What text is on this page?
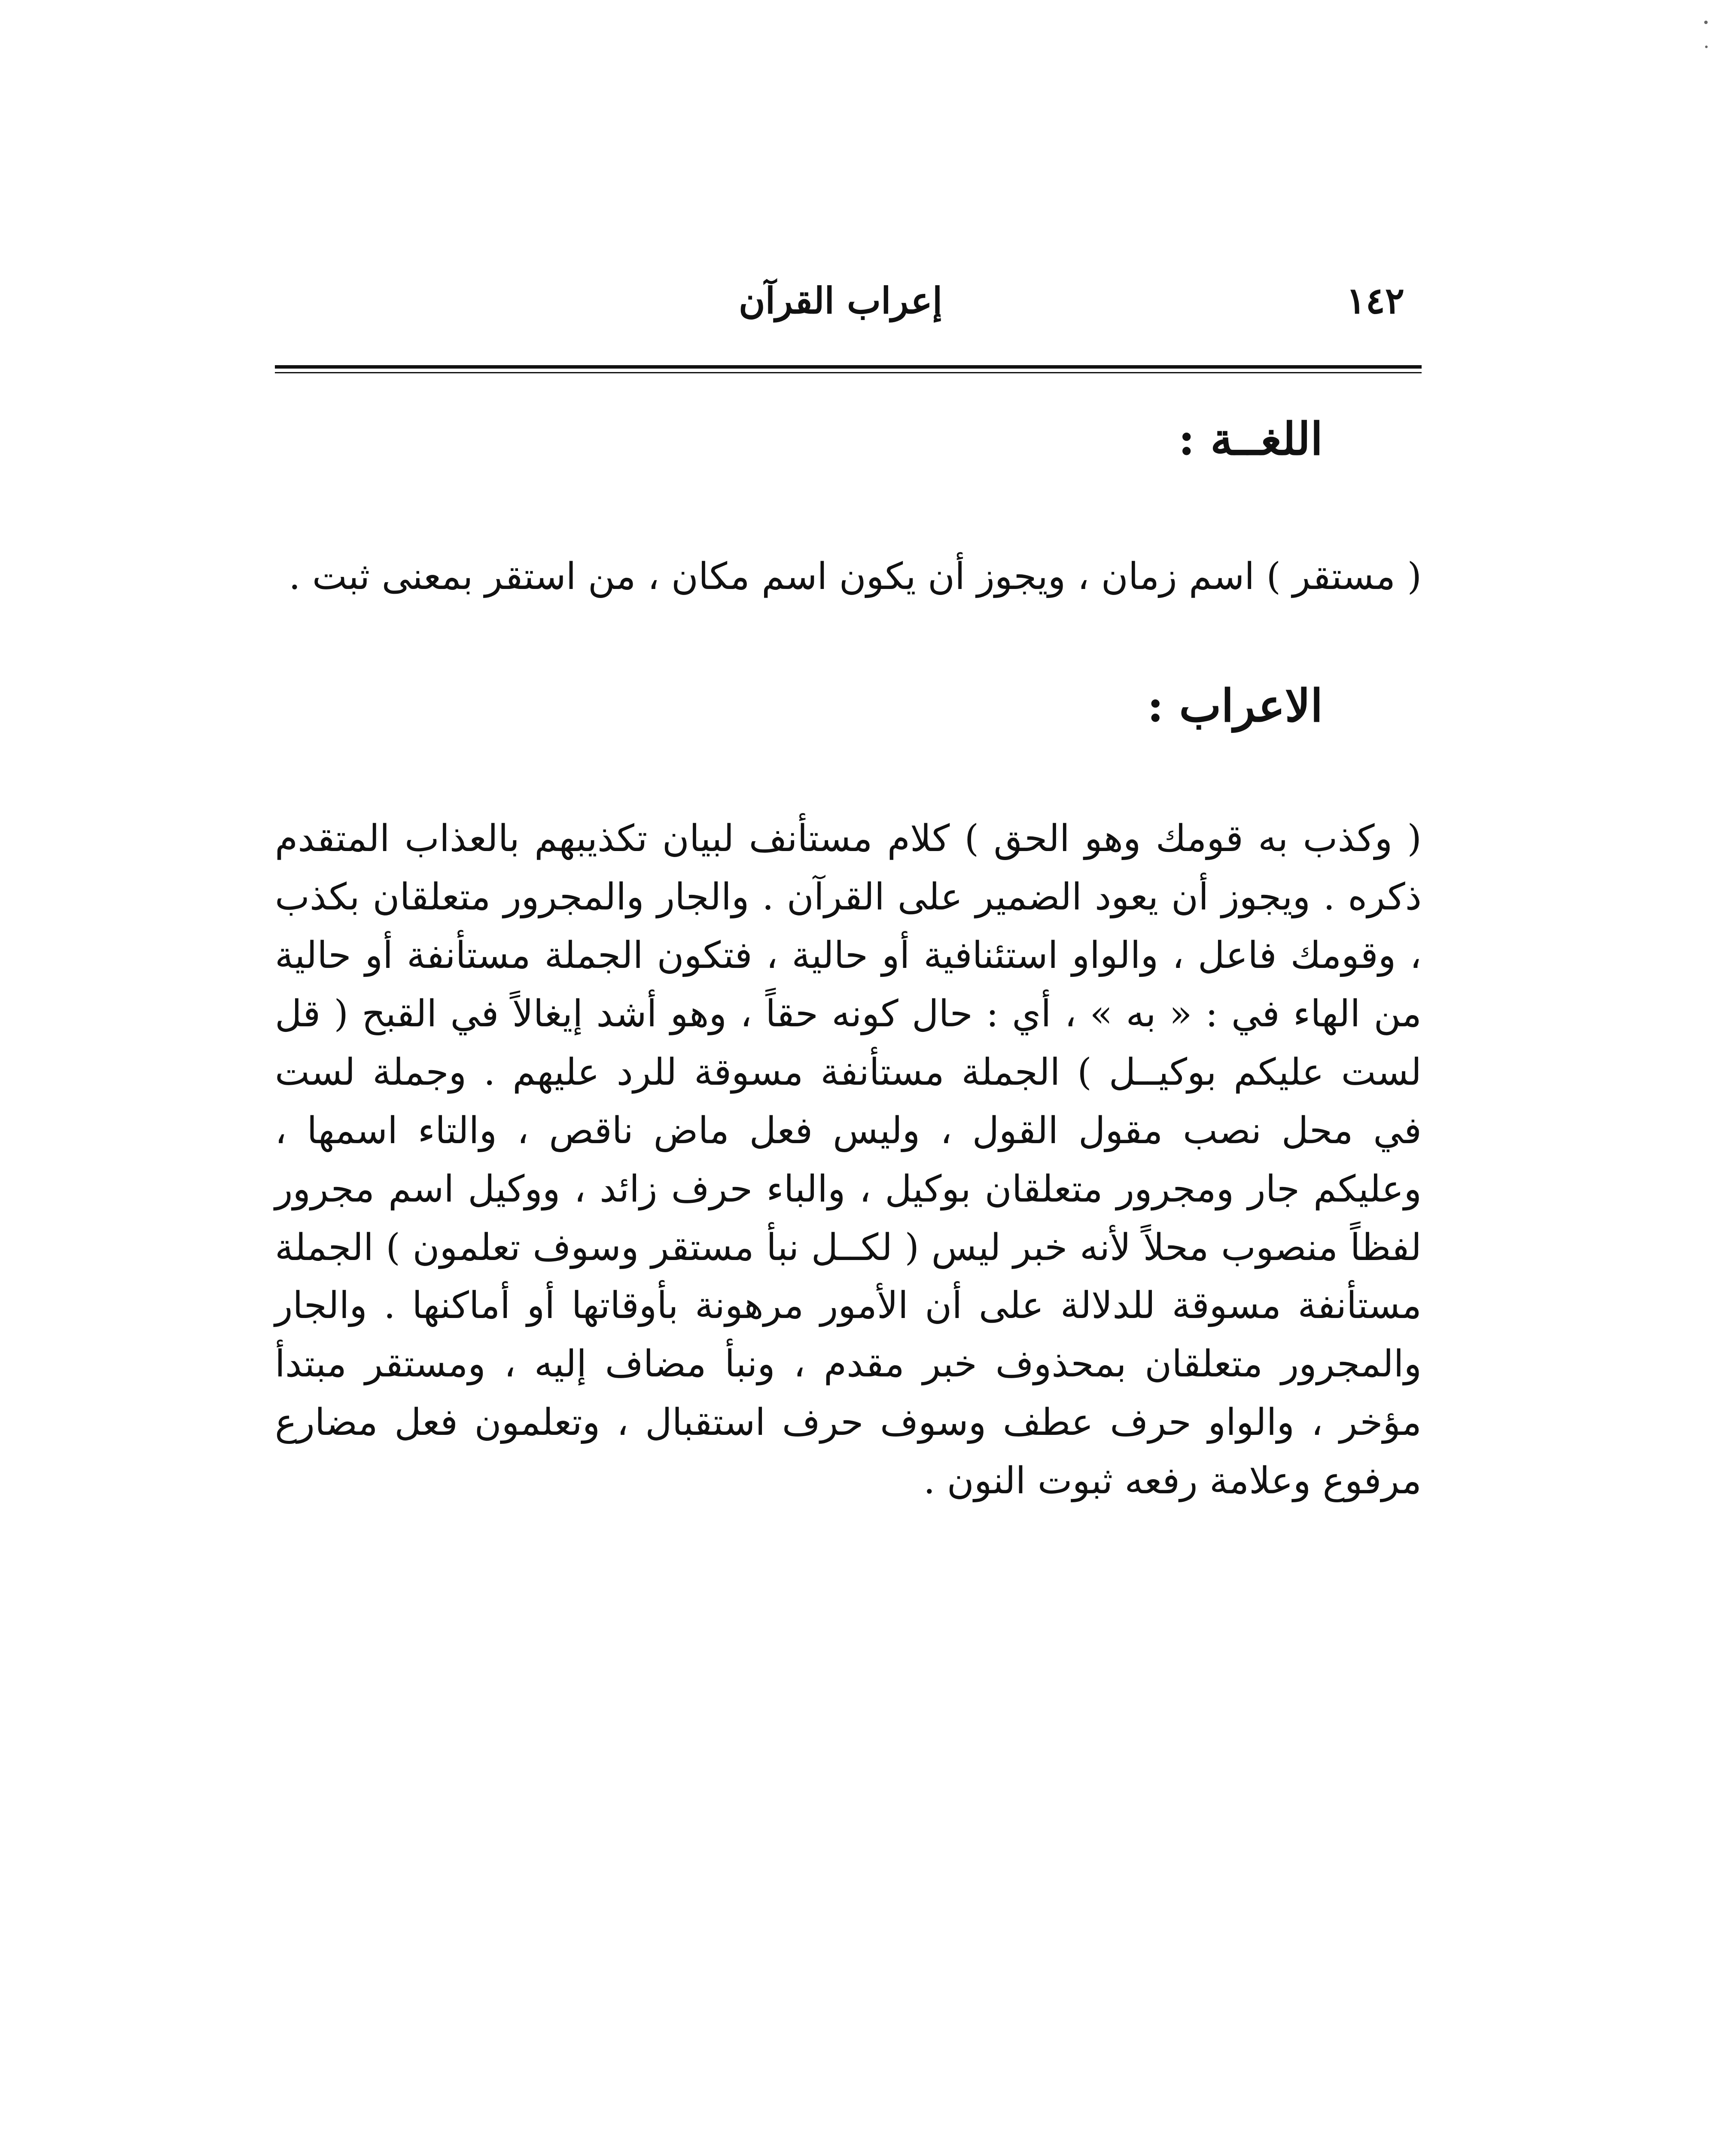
١٤٢
إعراب القرآن
اللغــة :

( مستقر ) اسم زمان ، ويجوز أن يكون اسم مكان ، من استقر بمعنى ثبت .

الاعراب :

( وكذب به قومك وهو الحق ) كلام مستأنف لبيان تكذيبهم بالعذاب المتقدم ذكره . ويجوز أن يعود الضمير على القرآن . والجار والمجرور متعلقان بكذب ، وقومك فاعل ، والواو استئنافية أو حالية ، فتكون الجملة مستأنفة أو حالية من الهاء في : « به » ، أي : حال كونه حقاً ، وهو أشد إيغالاً في القبح ( قل لست عليكم بوكيــل ) الجملة مستأنفة مسوقة للرد عليهم . وجملة لست في محل نصب مقول القول ، وليس فعل ماض ناقص ، والتاء اسمها ، وعليكم جار ومجرور متعلقان بوكيل ، والباء حرف زائد ، ووكيل اسم مجرور لفظاً منصوب محلاً لأنه خبر ليس ( لكــل نبأ مستقر وسوف تعلمون ) الجملة مستأنفة مسوقة للدلالة على أن الأمور مرهونة بأوقاتها أو أماكنها . والجار والمجرور متعلقان بمحذوف خبر مقدم ، ونبأ مضاف إليه ، ومستقر مبتدأ مؤخر ، والواو حرف عطف وسوف حرف استقبال ، وتعلمون فعل مضارع مرفوع وعلامة رفعه ثبوت النون .
